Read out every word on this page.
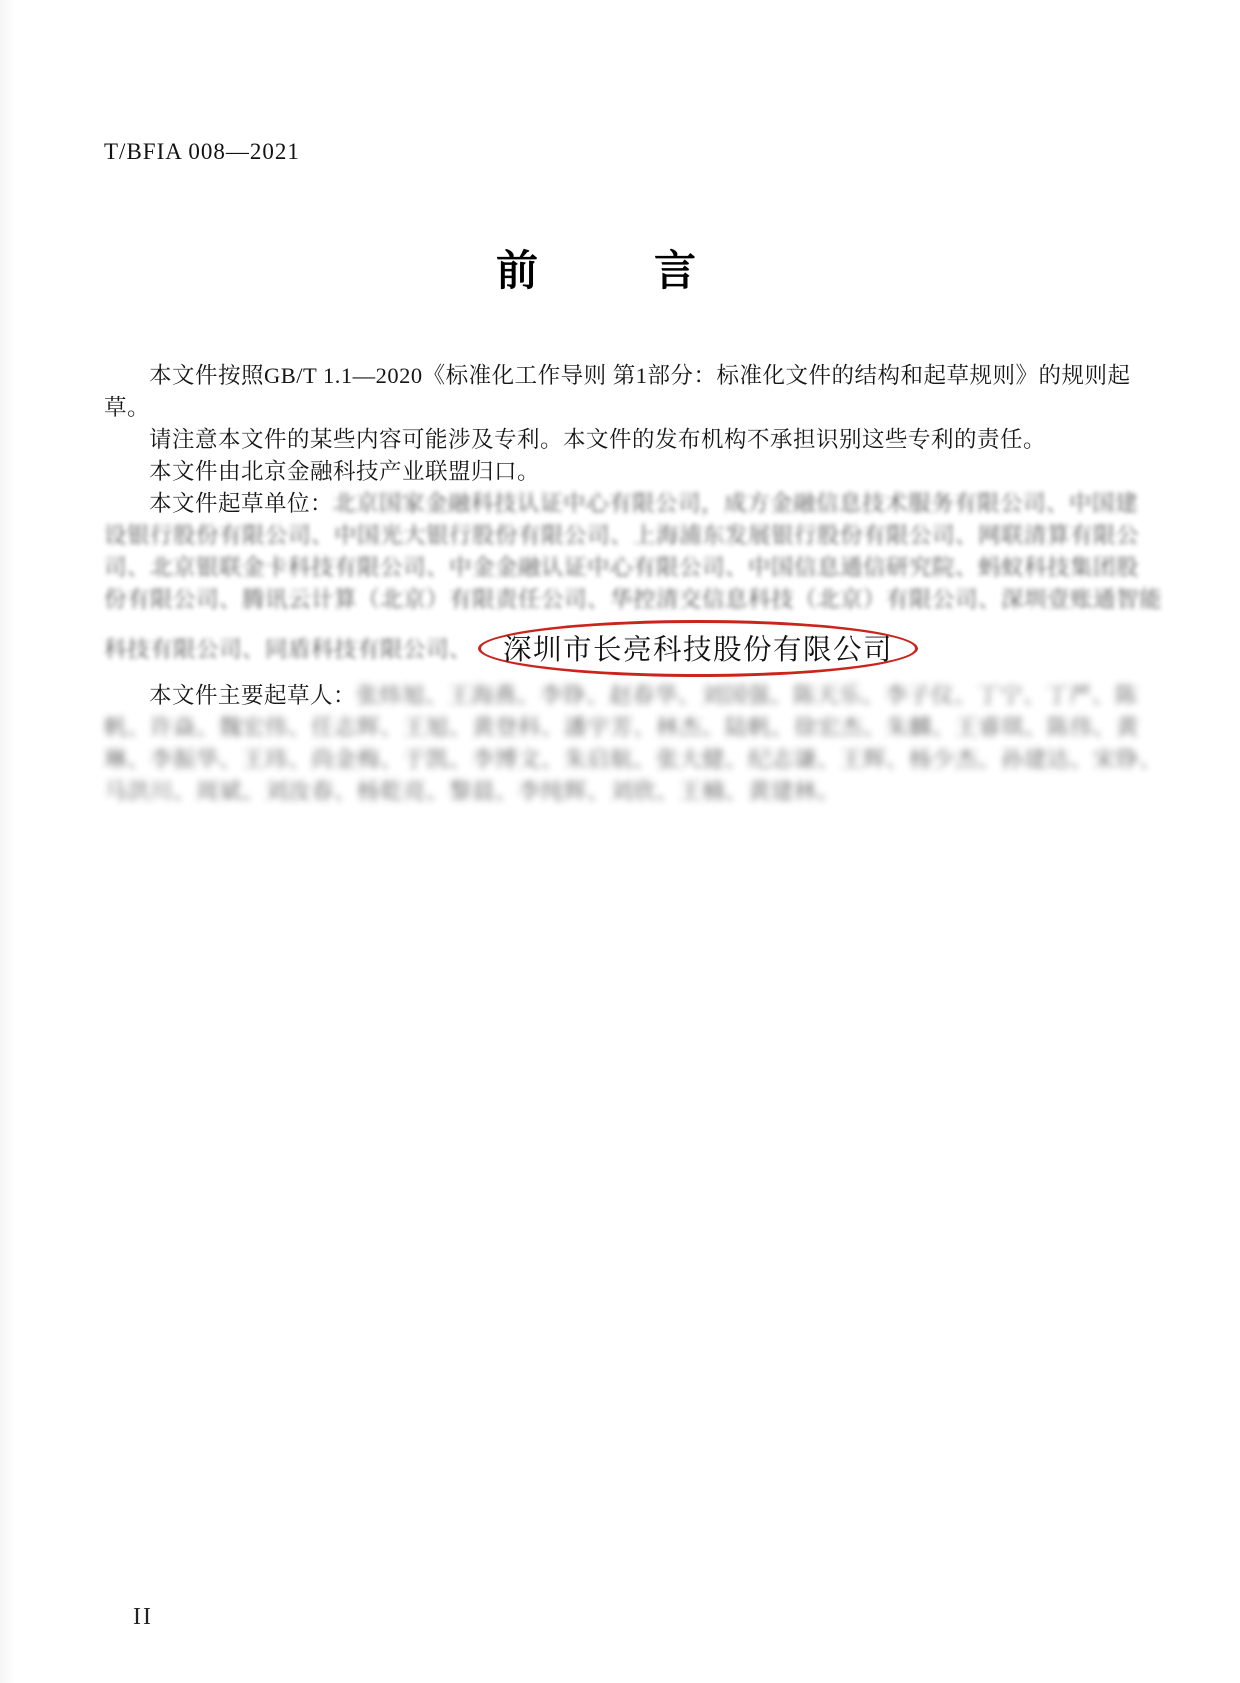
T/BFIA 008—2021
前	言
本文件按照GB/T 1.1—2020《标准化工作导则 第1部分：标准化文件的结构和起草规则》的规则起
草。
请注意本文件的某些内容可能涉及专利。本文件的发布机构不承担识别这些专利的责任。
本文件由北京金融科技产业联盟归口。
本文件起草单位：北京国家金融科技认证中心有限公司，成方金融信息技术服务有限公司、中国建
设银行股份有限公司、中国光大银行股份有限公司、上海浦东发展银行股份有限公司、网联清算有限公
司、北京银联金卡科技有限公司、中金金融认证中心有限公司、中国信息通信研究院、蚂蚁科技集团股
份有限公司、腾讯云计算（北京）有限责任公司、华控清交信息科技（北京）有限公司、深圳壹账通智能
科技有限公司、同盾科技有限公司、	深圳市长亮科技股份有限公司
本文件主要起草人：张炜旭、王海燕、李铮、赵春华、刘国强、陈天乐、李子仪、丁宁、丁严、陈
帆、许焱、魏宏伟、任志辉、王旭、黄登科、潘宇芳、林杰、陆帆、徐宏杰、朱麟、王睿琪、陈伟、黄
琳、李振华、王玮、尚金梅、于凯、李博文、朱启航、张大健、纪志谦、王辉、杨少杰、孙建达、宋铮、
马洪川、周斌、刘汝春、杨乾亮、黎晨、李纯辉、刘欣、王楠、黄建林。
II
